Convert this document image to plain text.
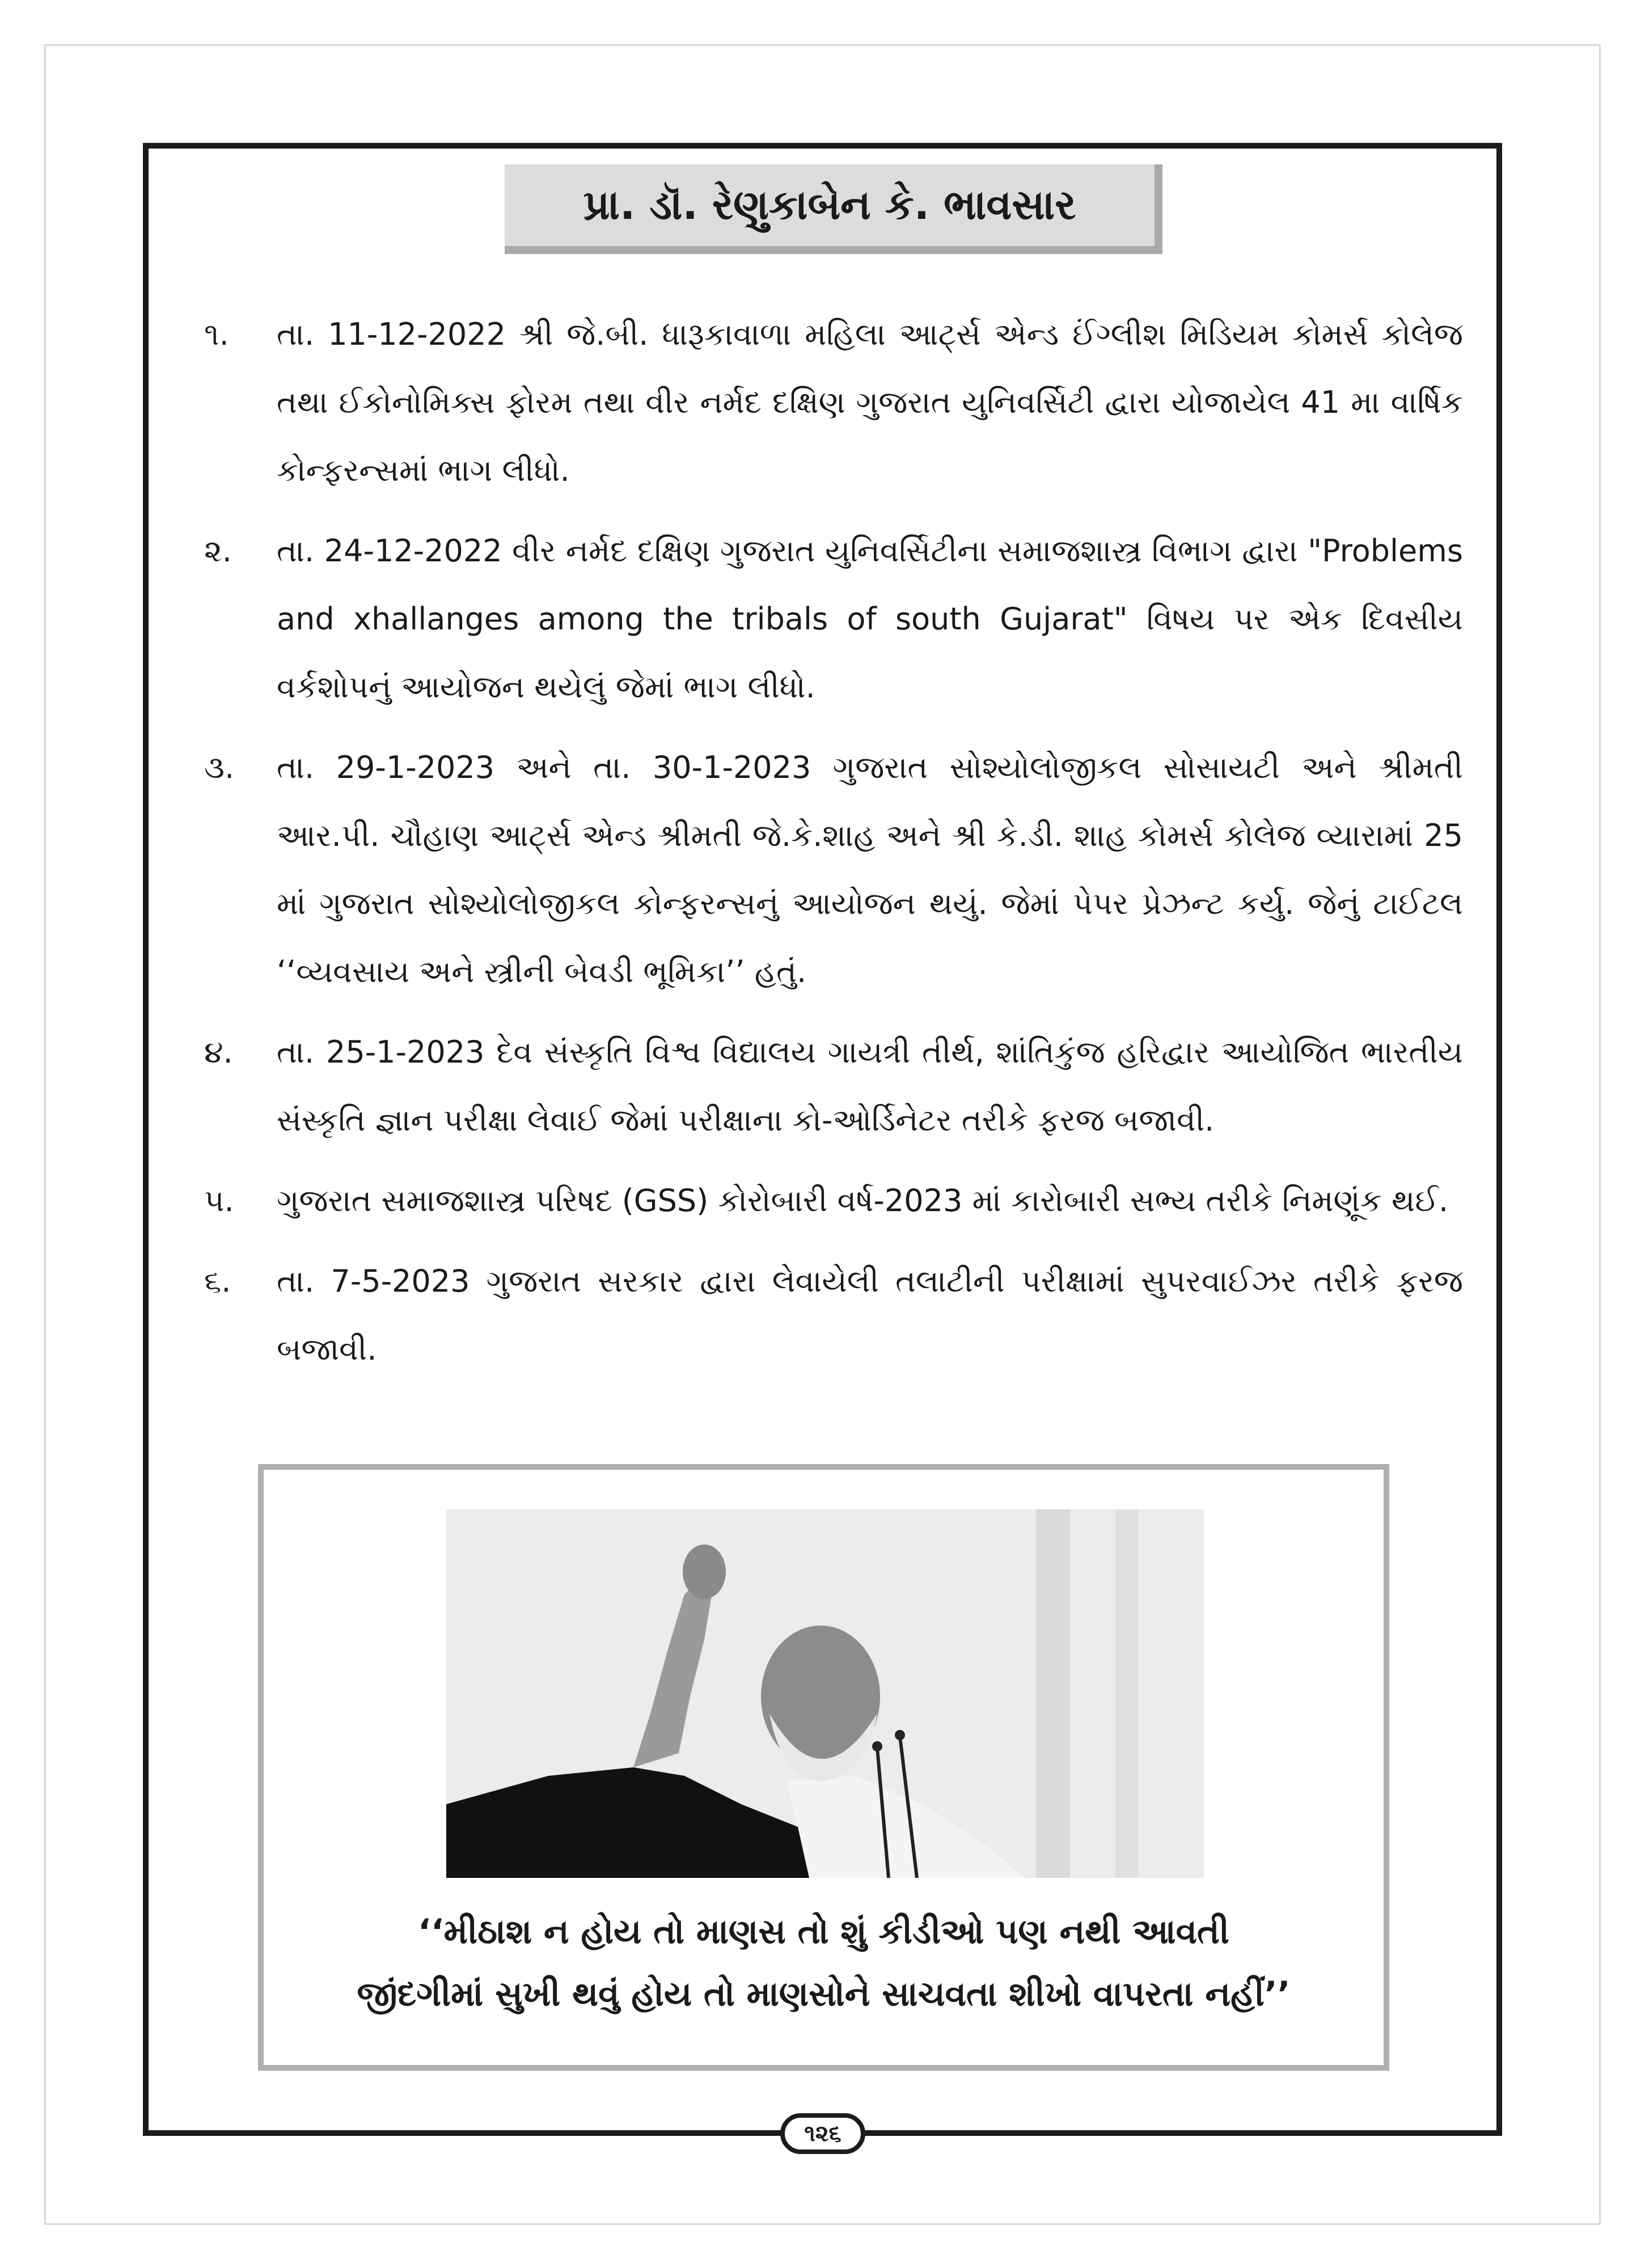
પ્રા. ડૉ. રેણુકાબેન કે. ભાવસાર
૧. તા. 11-12-2022 શ્રી જે.બી. ધારૂકાવાળા મહિલા આર્ટ્સ એન્ડ ઈંગ્લીશ મિડિયમ કોમર્સ કોલેજ તથા ઈકોનોમિક્સ ફોરમ તથા વીર નર્મદ દક્ષિણ ગુજરાત યુનિવર્સિટી દ્વારા યોજાયેલ 41 મા વાર્ષિક કોન્ફરન્સમાં ભાગ લીધો.

૨. તા. 24-12-2022 વીર નર્મદ દક્ષિણ ગુજરાત યુનિવર્સિટીના સમાજશાસ્ત્ર વિભાગ દ્વારા "Problems and xhallanges among the tribals of south Gujarat" વિષય પર એક દિવસીય વર્કશોપનું આયોજન થયેલું જેમાં ભાગ લીધો.

૩. તા. 29-1-2023 અને તા. 30-1-2023 ગુજરાત સોશ્યોલોજીકલ સોસાયટી અને શ્રીમતી આર.પી. ચૌહાણ આર્ટ્સ એન્ડ શ્રીમતી જે.કે.શાહ અને શ્રી કે.ડી. શાહ કોમર્સ કોલેજ વ્યારામાં 25 માં ગુજરાત સોશ્યોલોજીકલ કોન્ફરન્સનું આયોજન થયું. જેમાં પેપર પ્રેઝન્ટ કર્યુ. જેનું ટાઈટલ ‘‘વ્યવસાય અને સ્ત્રીની બેવડી ભૂમિકા’’ હતું.

૪. તા. 25-1-2023 દેવ સંસ્કૃતિ વિશ્વ વિદ્યાલય ગાયત્રી તીર્થ, શાંતિકુંજ હરિદ્વાર આયોજિત ભારતીય સંસ્કૃતિ જ્ઞાન પરીક્ષા લેવાઈ જેમાં પરીક્ષાના કો-ઓર્ડિનેટર તરીકે ફરજ બજાવી.

૫. ગુજરાત સમાજશાસ્ત્ર પરિષદ (GSS) કોરોબારી વર્ષ-2023 માં કારોબારી સભ્ય તરીકે નિમણૂંક થઈ.

૬. તા. 7-5-2023 ગુજરાત સરકાર દ્વારા લેવાયેલી તલાટીની પરીક્ષામાં સુપરવાઈઝર તરીકે ફરજ બજાવી.

‘‘મીઠાશ ન હોય તો માણસ તો શું કીડીઓ પણ નથી આવતી
જીંદગીમાં સુખી થવું હોય તો માણસોને સાચવતા શીખો વાપરતા નહીં’’
૧૨૬
